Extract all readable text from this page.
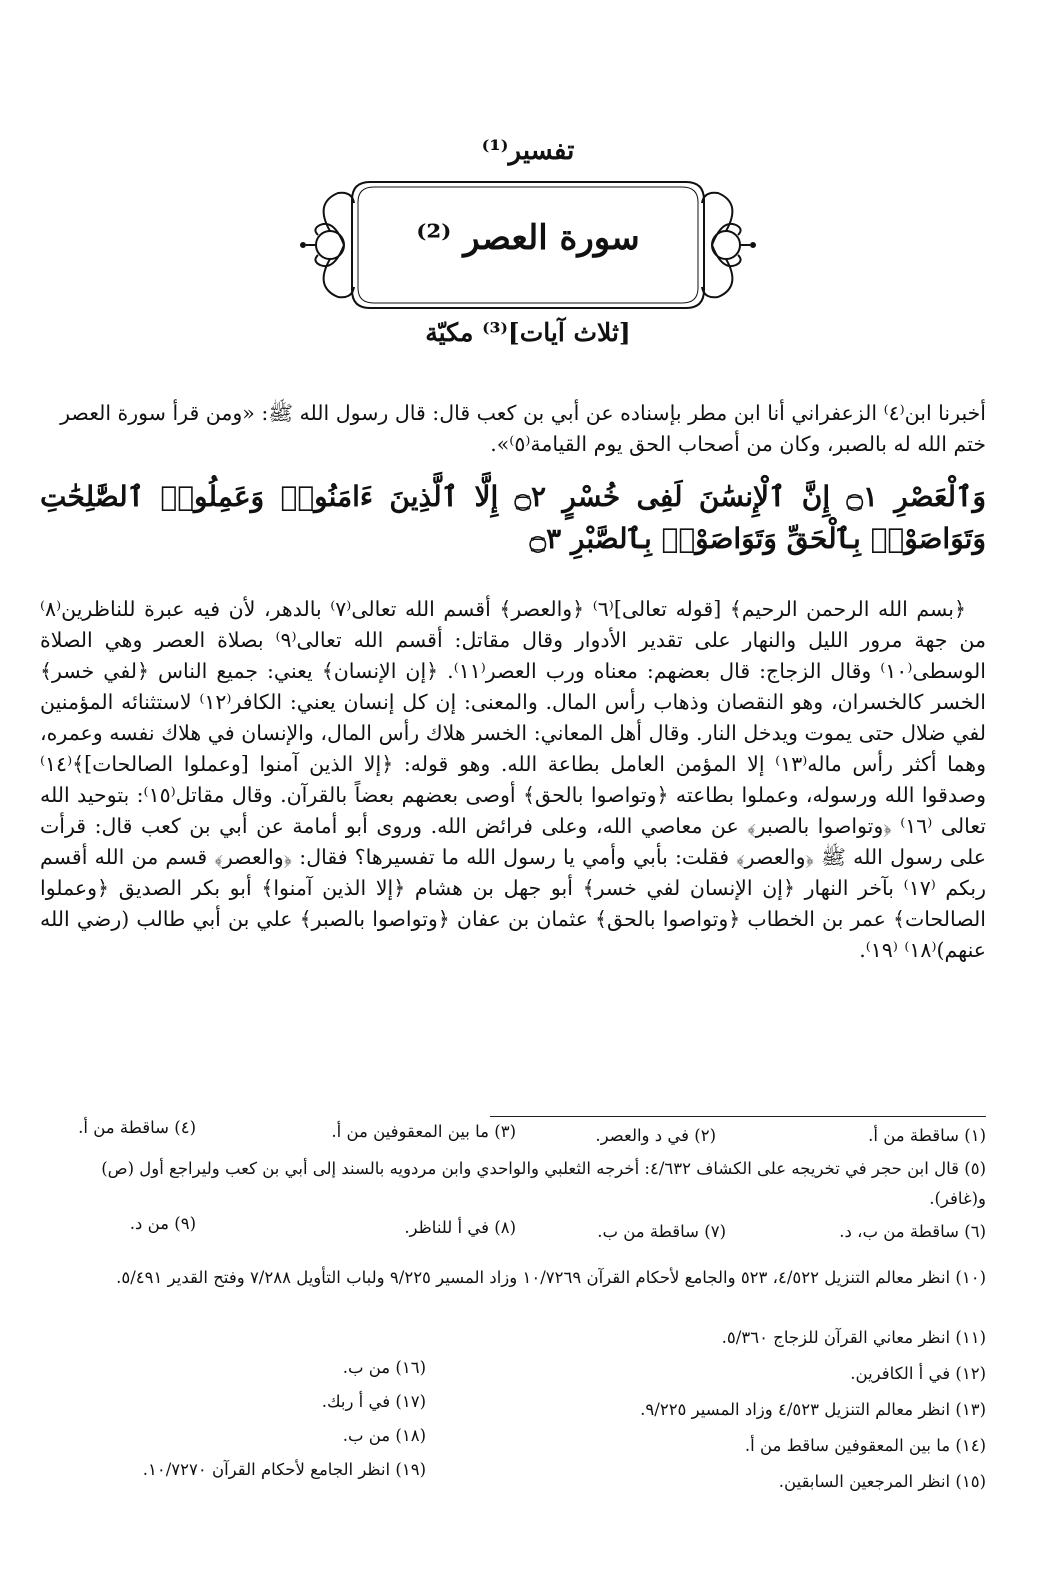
تفسير⁽¹⁾
سورة العصر ⁽²⁾
[ثلاث آيات]⁽³⁾ مكيّة

أخبرنا ابن⁽٤⁾ الزعفراني أنا ابن مطر بإسناده عن أبي بن كعب قال: قال رسول الله ﷺ: «ومن قرأ سورة العصر

ختم الله له بالصبر، وكان من أصحاب الحق يوم القيامة⁽٥⁾».

وَٱلْعَصْرِ ۝١ إِنَّ ٱلْإِنسَٰنَ لَفِى خُسْرٍ ۝٢ إِلَّا ٱلَّذِينَ ءَامَنُوا۟ وَعَمِلُوا۟ ٱلصَّٰلِحَٰتِ وَتَوَاصَوْا۟ بِٱلْحَقِّ وَتَوَاصَوْا۟ بِٱلصَّبْرِ ۝٣

﴿بسم الله الرحمن الرحيم﴾ [قوله تعالى]⁽٦⁾ ﴿والعصر﴾ أقسم الله تعالى⁽٧⁾ بالدهر، لأن فيه عبرة للناظرين⁽٨⁾ من جهة مرور الليل والنهار على تقدير الأدوار وقال مقاتل: أقسم الله تعالى⁽٩⁾ بصلاة العصر وهي الصلاة الوسطى⁽١٠⁾ وقال الزجاج: قال بعضهم: معناه ورب العصر⁽١١⁾. ﴿إن الإنسان﴾ يعني: جميع الناس ﴿لفي خسر﴾ الخسر كالخسران، وهو النقصان وذهاب رأس المال. والمعنى: إن كل إنسان يعني: الكافر⁽١٢⁾ لاستثنائه المؤمنين لفي ضلال حتى يموت ويدخل النار. وقال أهل المعاني: الخسر هلاك رأس المال، والإنسان في هلاك نفسه وعمره، وهما أكثر رأس ماله⁽١٣⁾ إلا المؤمن العامل بطاعة الله. وهو قوله: ﴿إلا الذين آمنوا [وعملوا الصالحات]﴾⁽١٤⁾ وصدقوا الله ورسوله، وعملوا بطاعته ﴿وتواصوا بالحق﴾ أوصى بعضهم بعضاً بالقرآن. وقال مقاتل⁽١٥⁾: بتوحيد الله تعالى ⁽١٦⁾ ﴿وتواصوا بالصبر﴾ عن معاصي الله، وعلى فرائض الله. وروى أبو أمامة عن أبي بن كعب قال: قرأت على رسول الله ﷺ ﴿والعصر﴾ فقلت: بأبي وأمي يا رسول الله ما تفسيرها؟ فقال: ﴿والعصر﴾ قسم من الله أقسم ربكم ⁽١٧⁾ بآخر النهار ﴿إن الإنسان لفي خسر﴾ أبو جهل بن هشام ﴿إلا الذين آمنوا﴾ أبو بكر الصديق ﴿وعملوا الصالحات﴾ عمر بن الخطاب ﴿وتواصوا بالحق﴾ عثمان بن عفان ﴿وتواصوا بالصبر﴾ علي بن أبي طالب (رضي الله عنهم)⁽١٨⁾ ⁽١٩⁾.

(١) ساقطة من أ.
(٢) في د والعصر.
(٣) ما بين المعقوفين من أ.
(٤) ساقطة من أ.
(٥) قال ابن حجر في تخريجه على الكشاف ٤/٦٣٢: أخرجه الثعلبي والواحدي وابن مردويه بالسند إلى أبي بن كعب وليراجع أول (ص) و(غافر).
(٦) ساقطة من ب، د.
(٧) ساقطة من ب.
(٨) في أ للناظر.
(٩) من د.
(١٠) انظر معالم التنزيل ٤/٥٢٢، ٥٢٣ والجامع لأحكام القرآن ١٠/٧٢٦٩ وزاد المسير ٩/٢٢٥ ولباب التأويل ٧/٢٨٨ وفتح القدير ٥/٤٩١.
(١١) انظر معاني القرآن للزجاج ٥/٣٦٠.
(١٢) في أ الكافرين.
(١٣) انظر معالم التنزيل ٤/٥٢٣ وزاد المسير ٩/٢٢٥.
(١٤) ما بين المعقوفين ساقط من أ.
(١٥) انظر المرجعين السابقين.
(١٦) من ب.
(١٧) في أ ربك.
(١٨) من ب.
(١٩) انظر الجامع لأحكام القرآن ١٠/٧٢٧٠.
